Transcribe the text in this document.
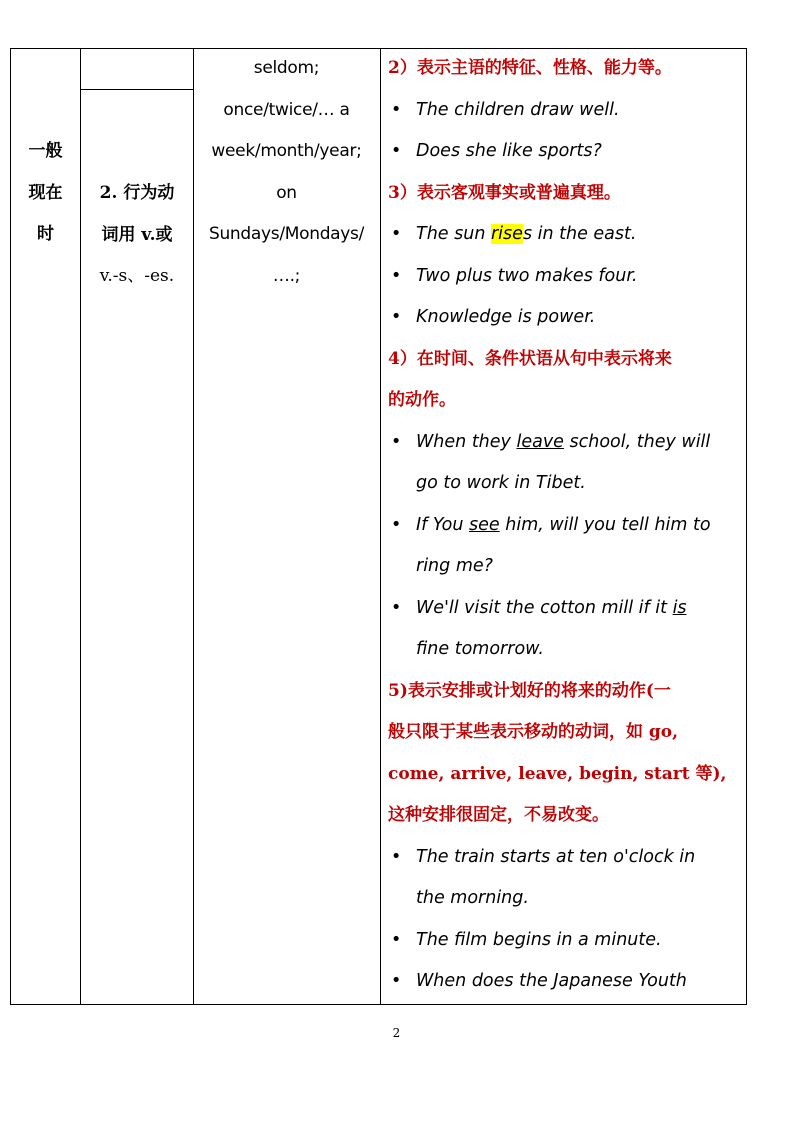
一般
现在
时
2. 行为动
词用 v.或
v.-s、-es.
seldom;
once/twice/… a
week/month/year;
on
Sundays/Mondays/
….;
2）表示主语的特征、性格、能力等。
• The children draw well.
• Does she like sports?
3）表示客观事实或普遍真理。
• The sun rises in the east.
• Two plus two makes four.
• Knowledge is power.
4）在时间、条件状语从句中表示将来
的动作。
• When they leave school, they will
go to work in Tibet.
• If You see him, will you tell him to
ring me?
• We'll visit the cotton mill if it is
fine tomorrow.
5)表示安排或计划好的将来的动作(一
般只限于某些表示移动的动词，如 go,
come, arrive, leave, begin, start 等),
这种安排很固定，不易改变。
• The train starts at ten o'clock in
the morning.
• The film begins in a minute.
• When does the Japanese Youth
2
